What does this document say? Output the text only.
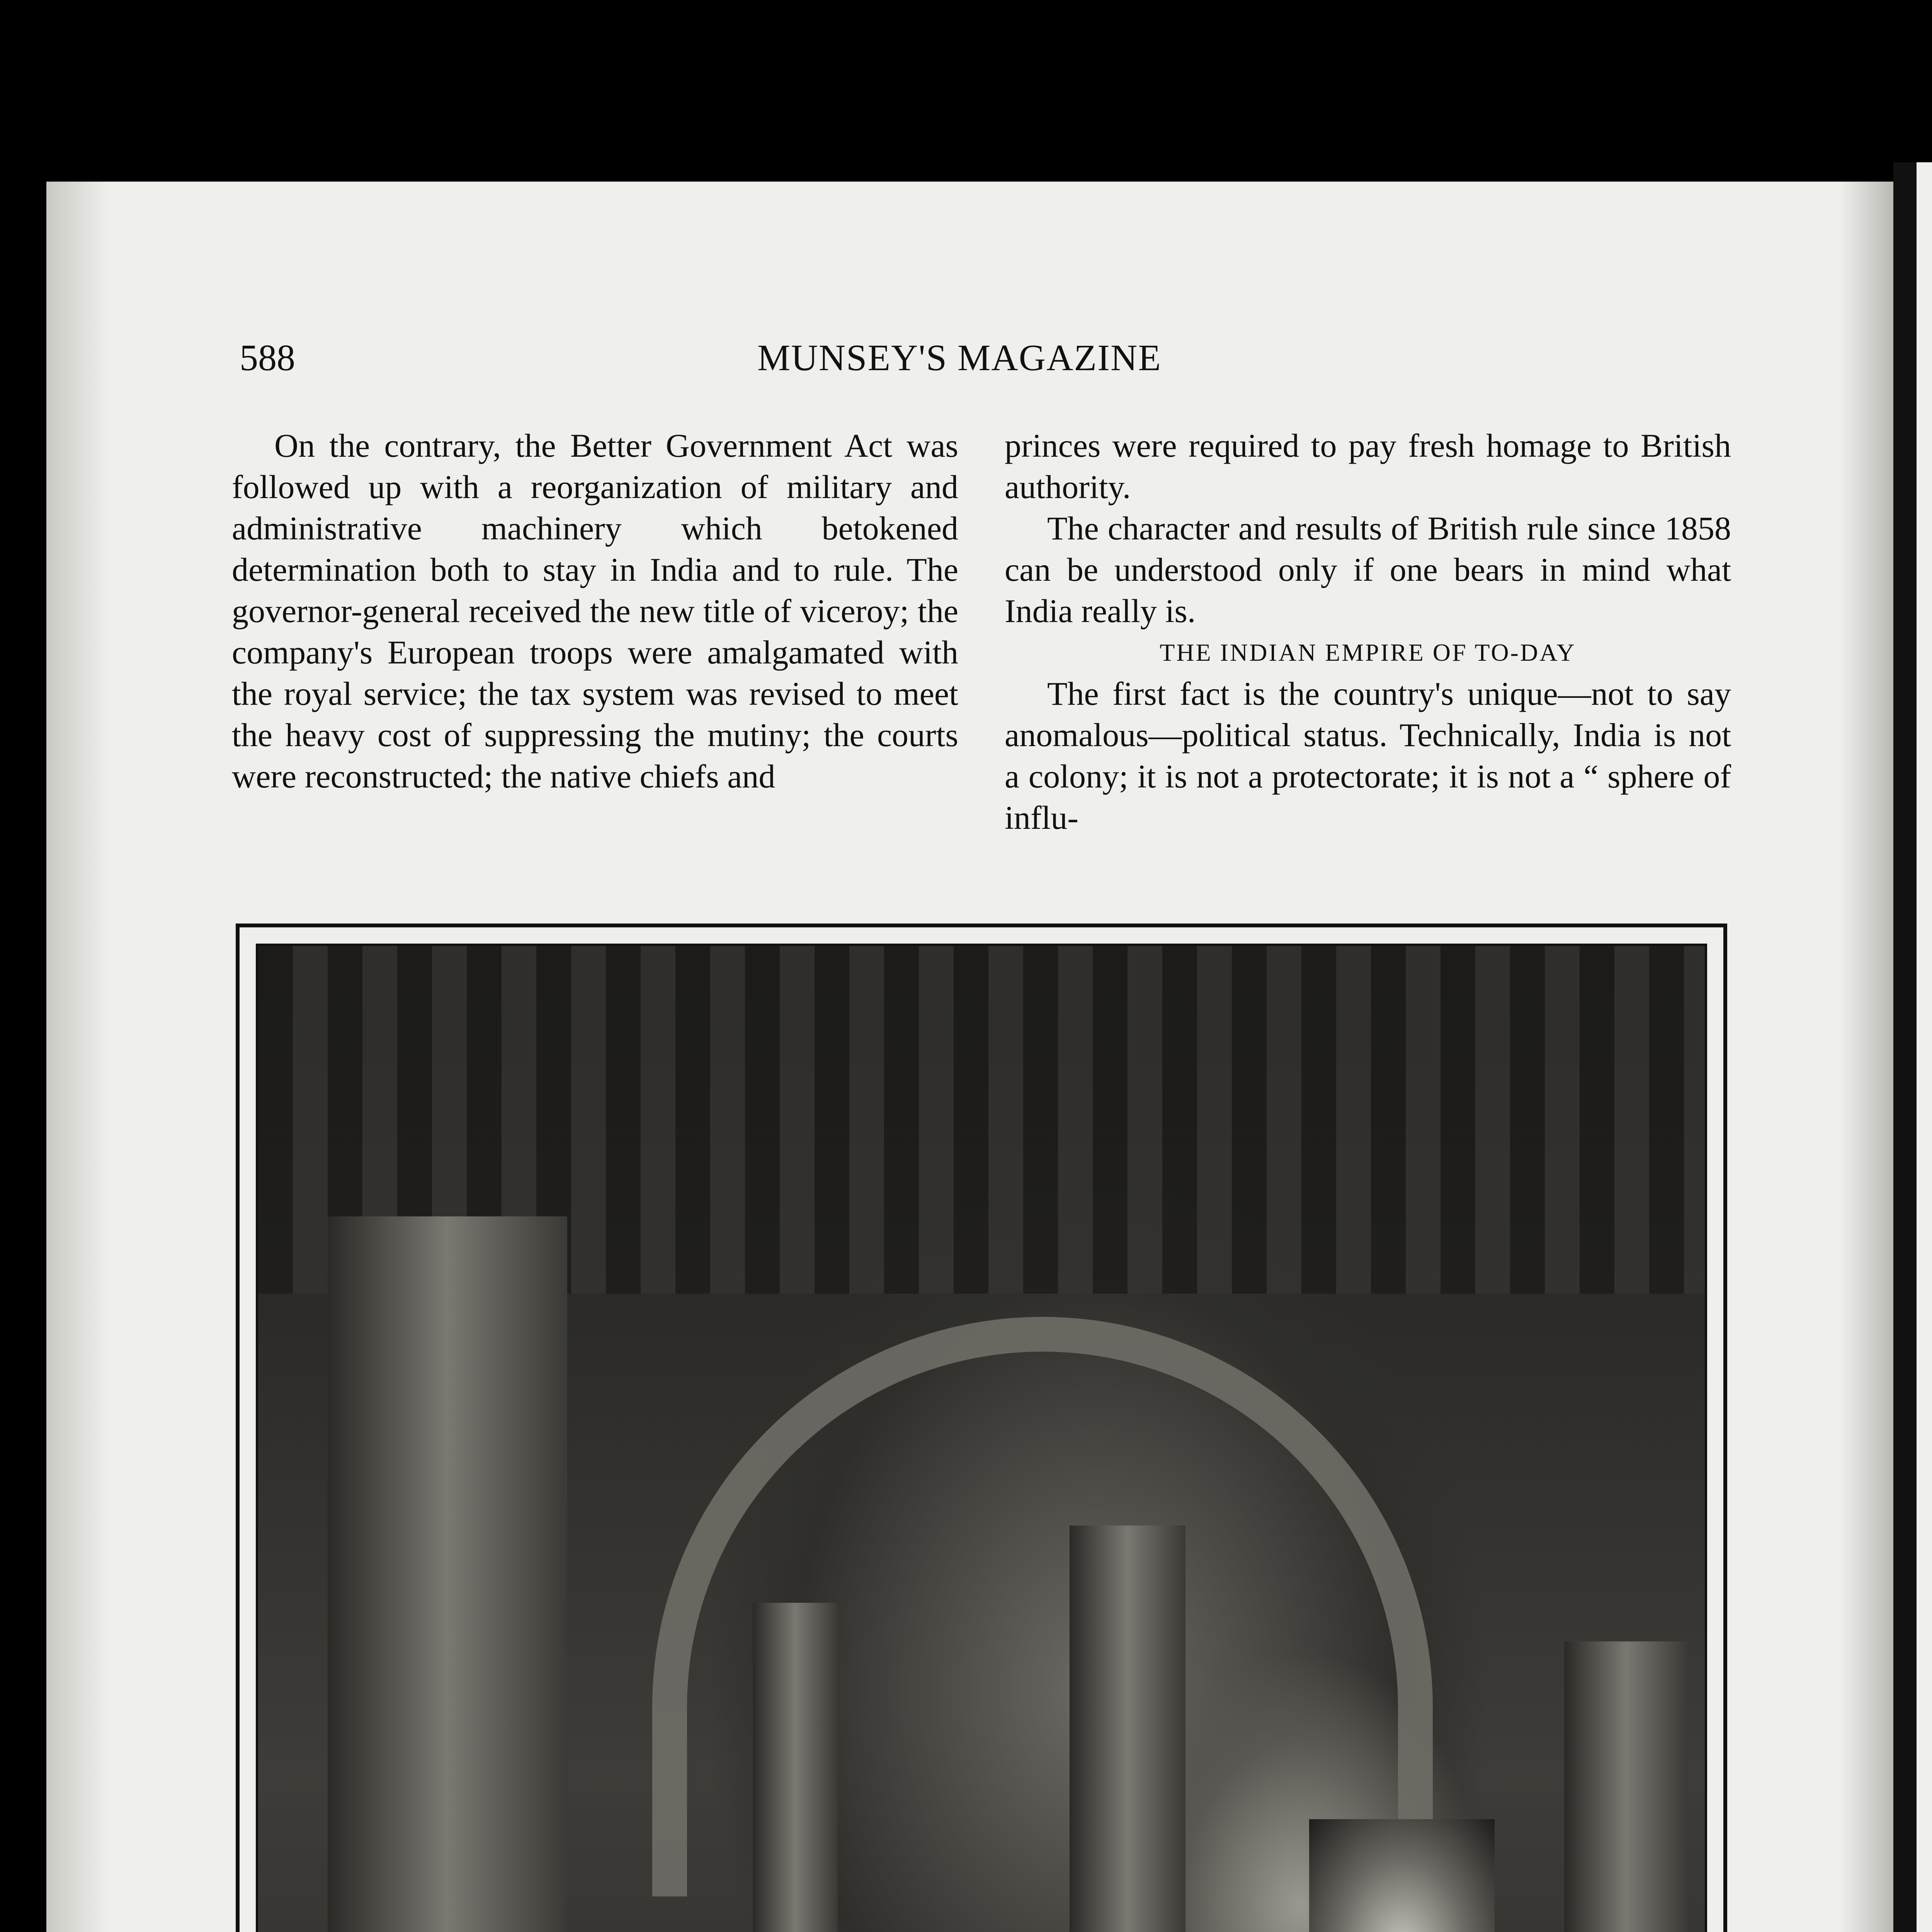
588	MUNSEY'S MAGAZINE

On the contrary, the Better Government Act was followed up with a reorganization of military and administrative machinery which betokened determination both to stay in India and to rule. The governor-general received the new title of viceroy; the company's European troops were amalgamated with the royal service; the tax system was revised to meet the heavy cost of suppressing the mutiny; the courts were reconstructed; the native chiefs and

princes were required to pay fresh homage to British authority.

The character and results of British rule since 1858 can be understood only if one bears in mind what India really is.

THE INDIAN EMPIRE OF TO-DAY

The first fact is the country's unique—not to say anomalous—political status. Technically, India is not a colony; it is not a protectorate; it is not a “ sphere of influ-
